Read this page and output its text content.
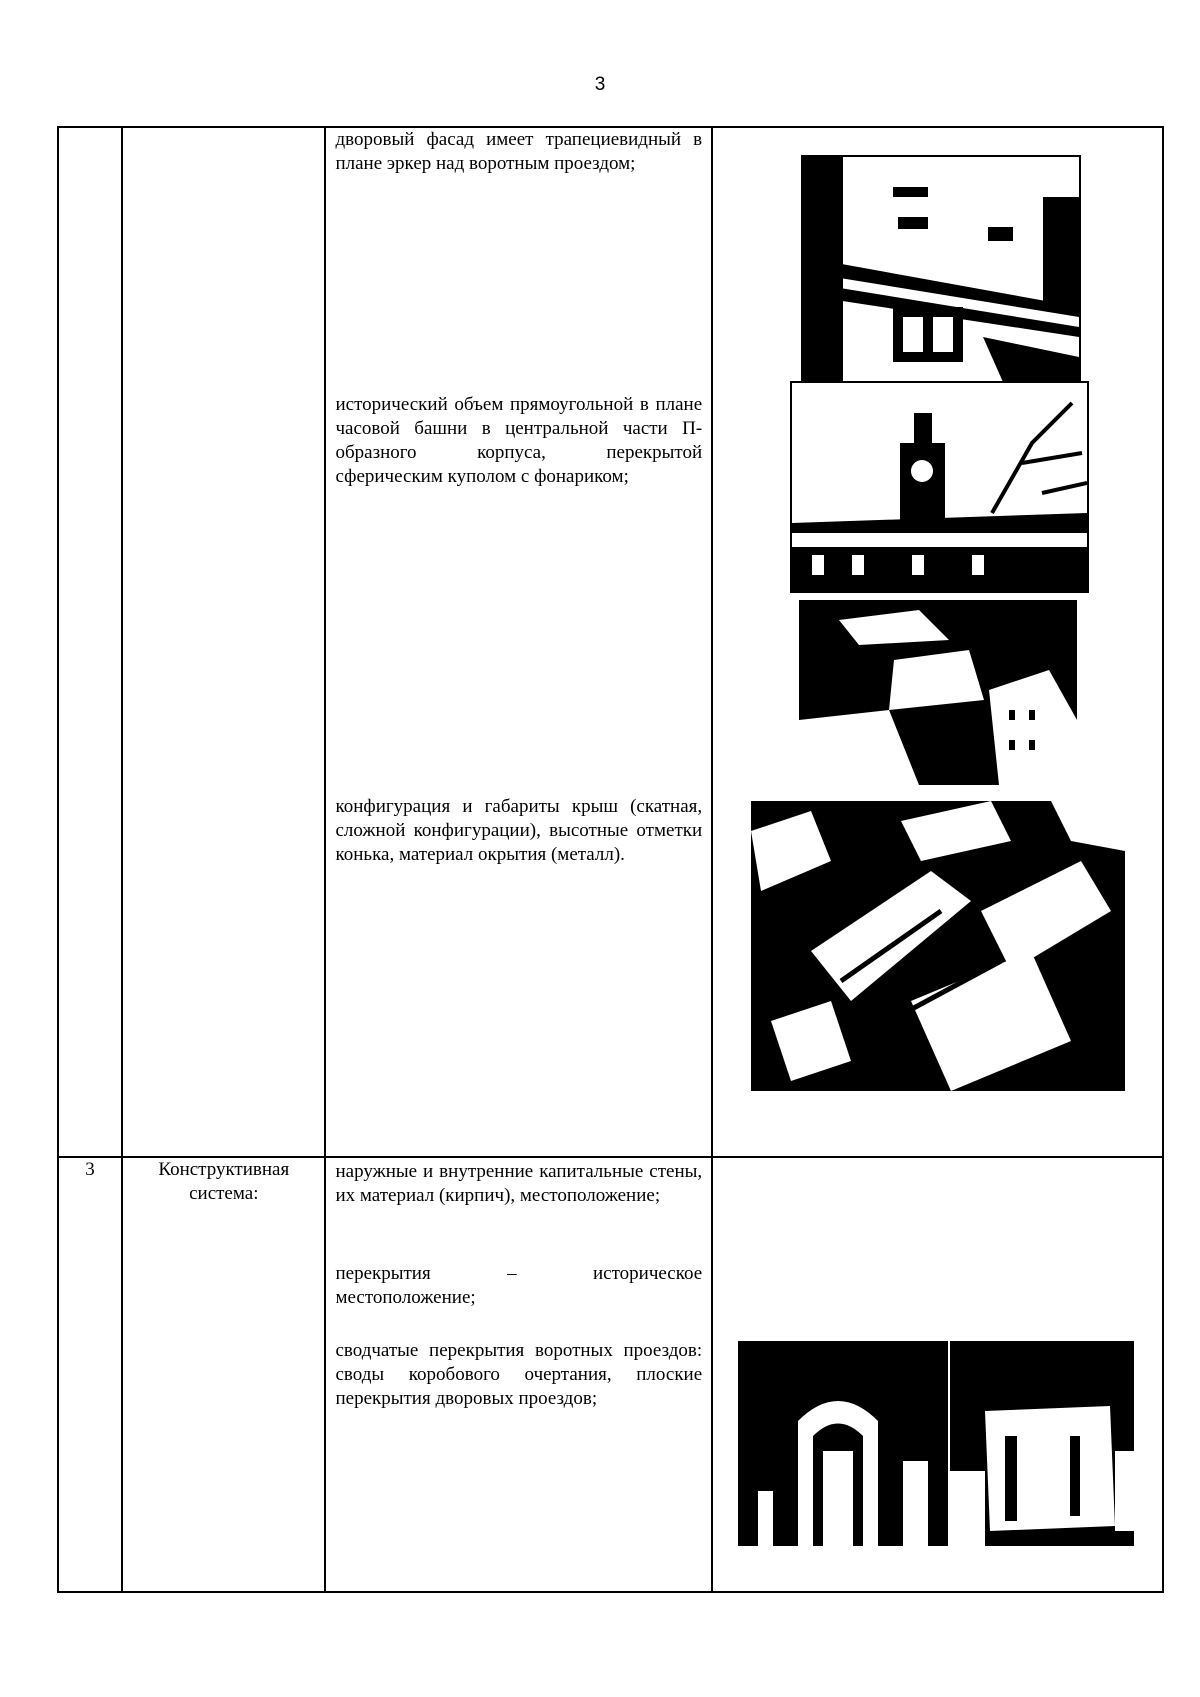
3

		дворовый фасад имеет трапециевидный в плане эркер над воротным проездом;

исторический объем прямоугольной в плане часовой башни в центральной части П-образного корпуса, перекрытой сферическим куполом с фонариком;

конфигурация и габариты крыш (скатная, сложной конфигурации), высотные отметки конька, материал окрытия (металл).

3	Конструктивная система:	наружные и внутренние капитальные стены, их материал (кирпич), местоположение;

перекрытия – историческое местоположение;

сводчатые перекрытия воротных проездов: своды коробового очертания, плоские перекрытия дворовых проездов;
